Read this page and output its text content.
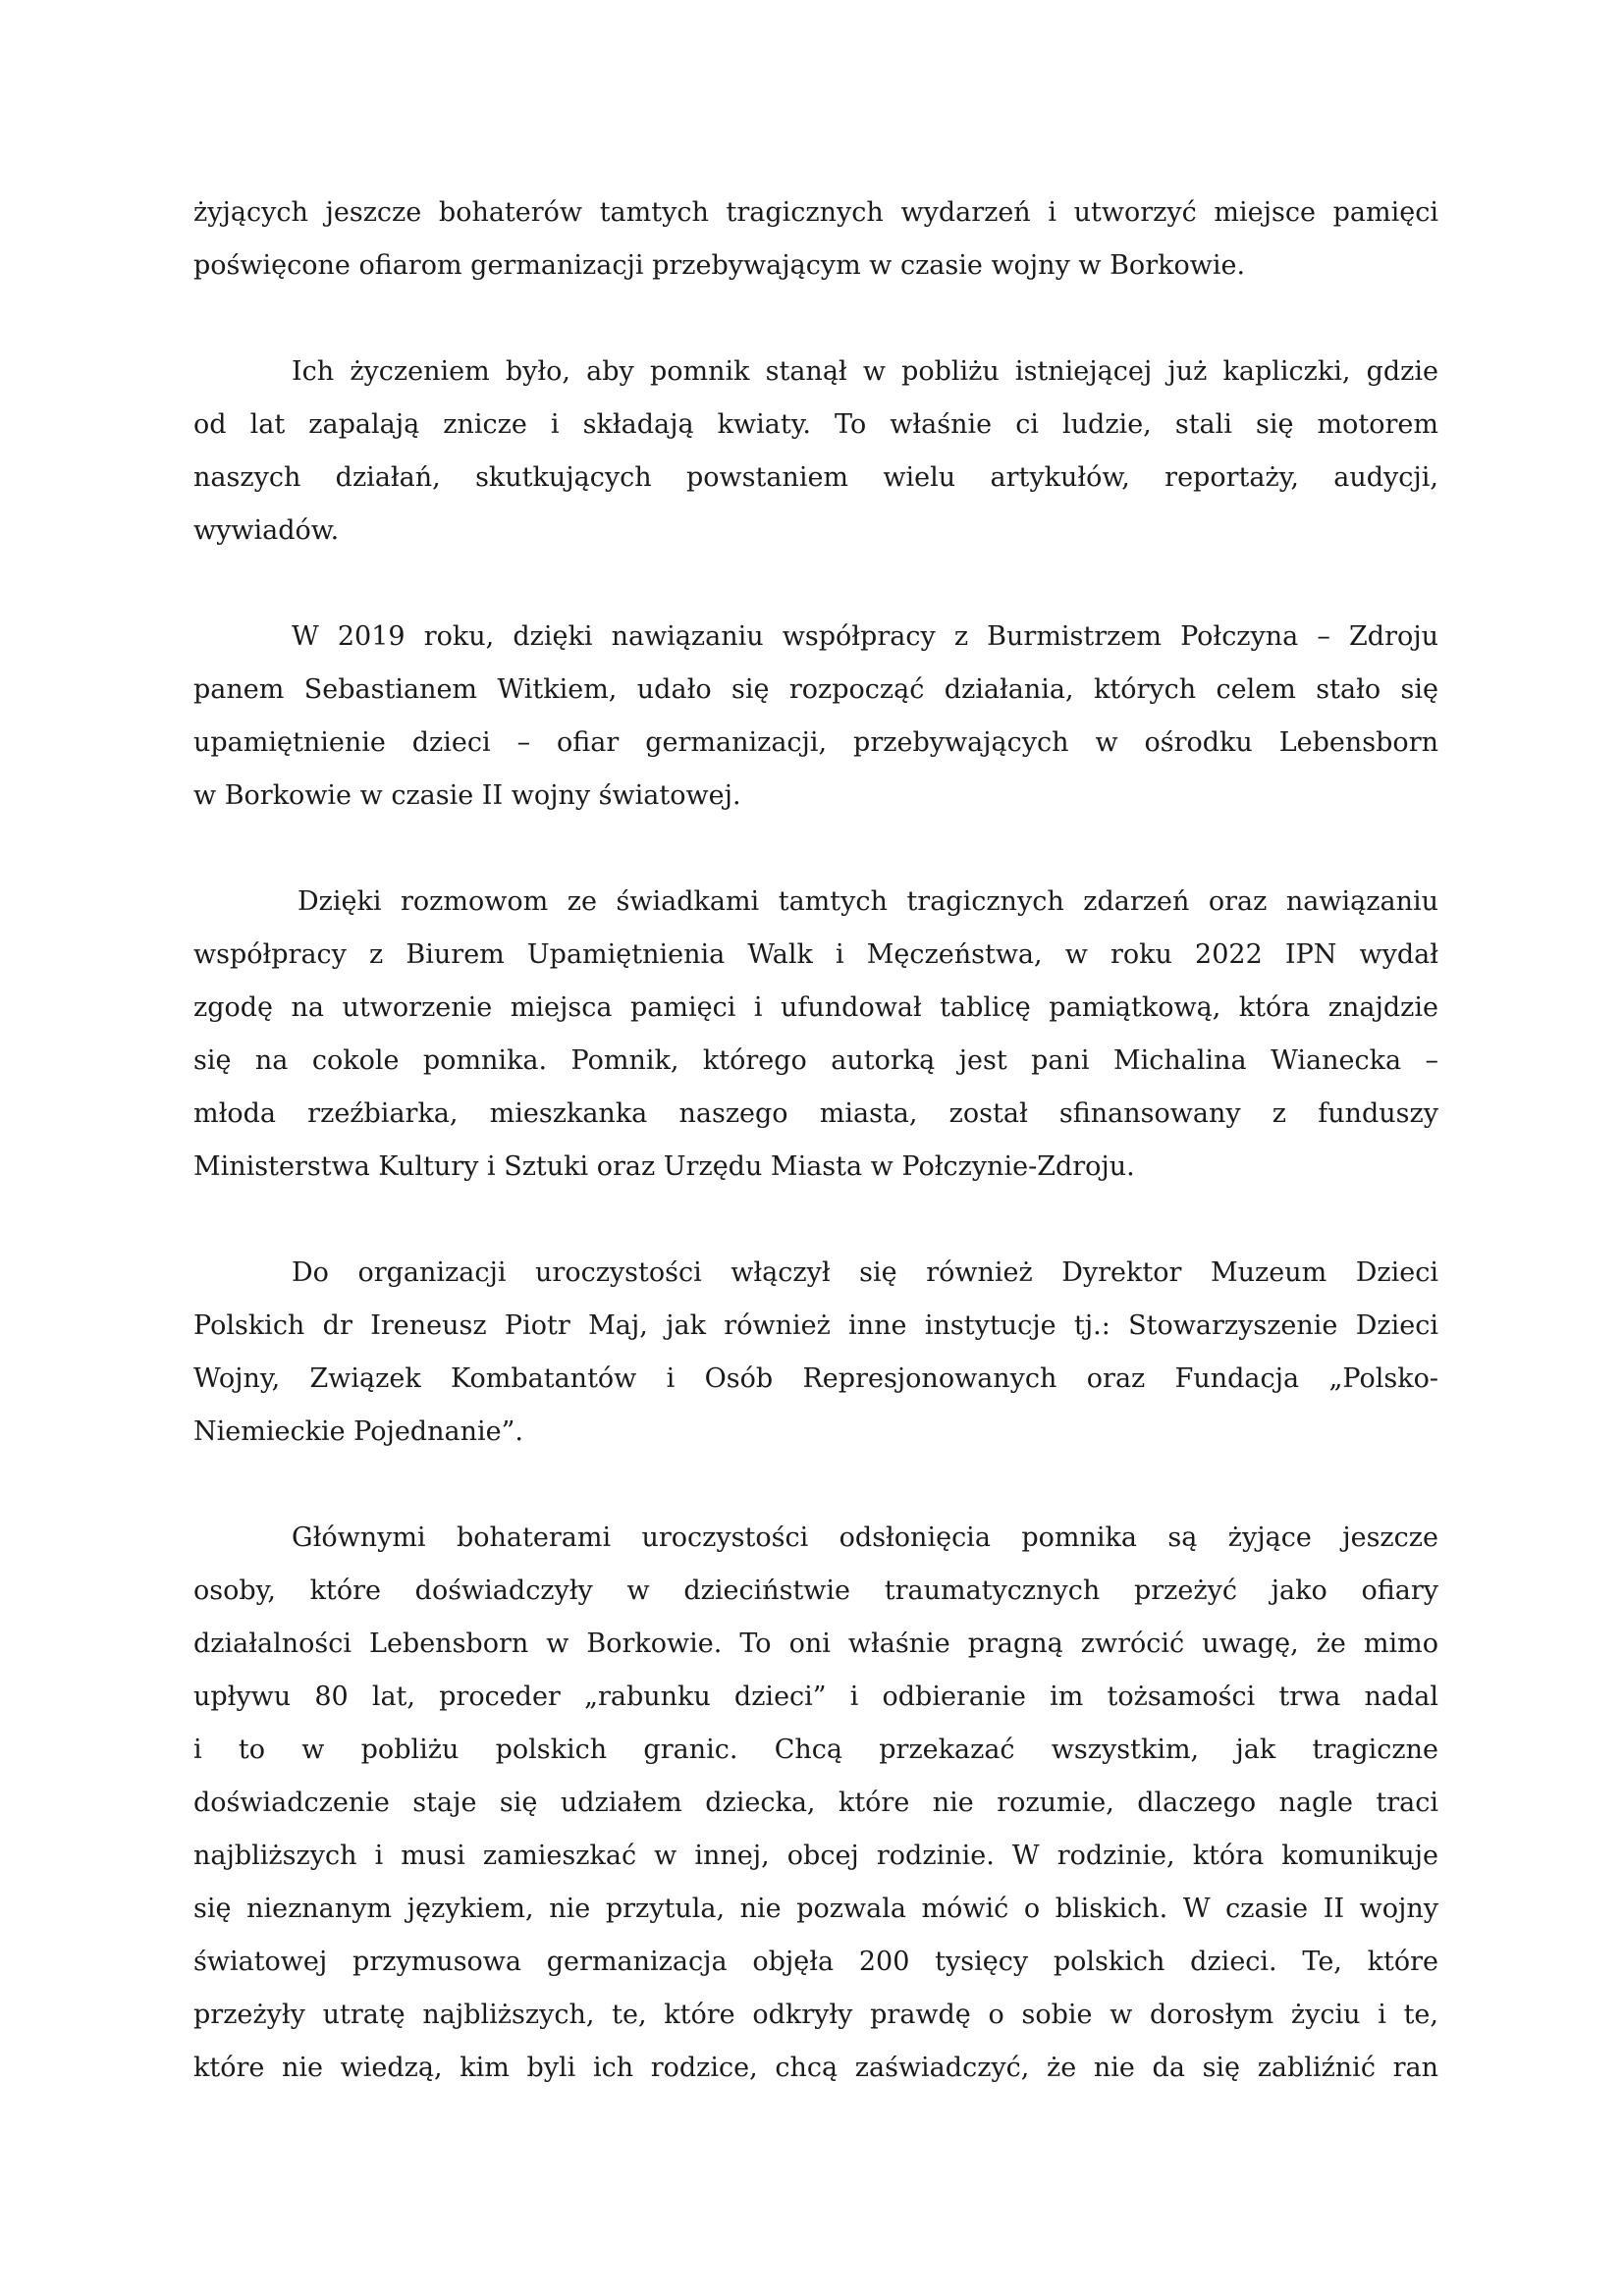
żyjących jeszcze bohaterów tamtych tragicznych wydarzeń i utworzyć miejsce pamięci
poświęcone ofiarom germanizacji przebywającym w czasie wojny w Borkowie.
Ich życzeniem było, aby pomnik stanął w pobliżu istniejącej już kapliczki, gdzie
od lat zapalają znicze i składają kwiaty. To właśnie ci ludzie, stali się motorem
naszych działań, skutkujących powstaniem wielu artykułów, reportaży, audycji,
wywiadów.
W 2019 roku, dzięki nawiązaniu współpracy z Burmistrzem Połczyna – Zdroju
panem Sebastianem Witkiem, udało się rozpocząć działania, których celem stało się
upamiętnienie dzieci – ofiar germanizacji, przebywających w ośrodku Lebensborn
w Borkowie w czasie II wojny światowej.
Dzięki rozmowom ze świadkami tamtych tragicznych zdarzeń oraz nawiązaniu
współpracy z Biurem Upamiętnienia Walk i Męczeństwa, w roku 2022 IPN wydał
zgodę na utworzenie miejsca pamięci i ufundował tablicę pamiątkową, która znajdzie
się na cokole pomnika. Pomnik, którego autorką jest pani Michalina Wianecka –
młoda rzeźbiarka, mieszkanka naszego miasta, został sfinansowany z funduszy
Ministerstwa Kultury i Sztuki oraz Urzędu Miasta w Połczynie-Zdroju.
Do organizacji uroczystości włączył się również Dyrektor Muzeum Dzieci
Polskich dr Ireneusz Piotr Maj, jak również inne instytucje tj.: Stowarzyszenie Dzieci
Wojny, Związek Kombatantów i Osób Represjonowanych oraz Fundacja „Polsko-
Niemieckie Pojednanie”.
Głównymi bohaterami uroczystości odsłonięcia pomnika są żyjące jeszcze
osoby, które doświadczyły w dzieciństwie traumatycznych przeżyć jako ofiary
działalności Lebensborn w Borkowie. To oni właśnie pragną zwrócić uwagę, że mimo
upływu 80 lat, proceder „rabunku dzieci” i odbieranie im tożsamości trwa nadal
i to w pobliżu polskich granic. Chcą przekazać wszystkim, jak tragiczne
doświadczenie staje się udziałem dziecka, które nie rozumie, dlaczego nagle traci
najbliższych i musi zamieszkać w innej, obcej rodzinie. W rodzinie, która komunikuje
się nieznanym językiem, nie przytula, nie pozwala mówić o bliskich. W czasie II wojny
światowej przymusowa germanizacja objęła 200 tysięcy polskich dzieci. Te, które
przeżyły utratę najbliższych, te, które odkryły prawdę o sobie w dorosłym życiu i te,
które nie wiedzą, kim byli ich rodzice, chcą zaświadczyć, że nie da się zabliźnić ran
